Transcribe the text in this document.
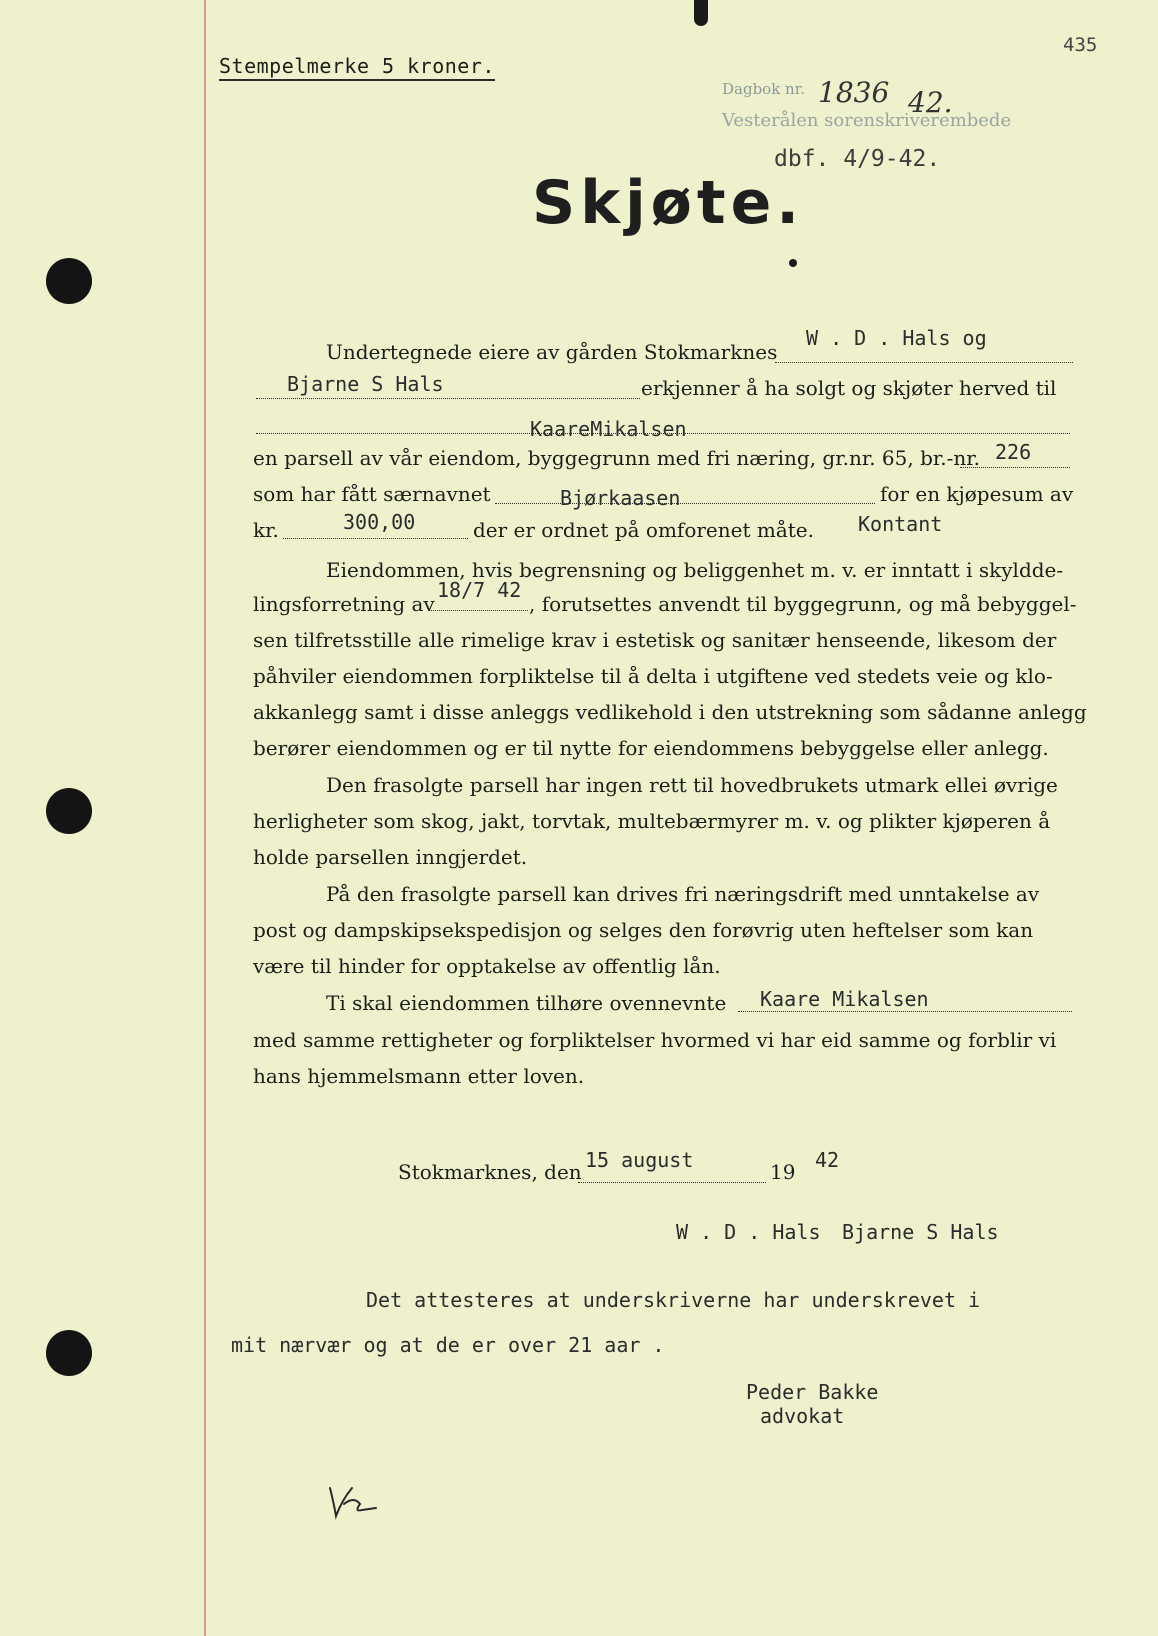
Stempelmerke 5 kroner.
435
Dagbok nr.
Vesterålen sorenskriverembede
1836 42.
dbf. 4/9-42.
Skjøte.
Undertegnede eiere av gården Stokmarknes
W . D . Hals og
Bjarne S Hals	erkjenner å ha solgt og skjøter herved til
KaareMikalsen
en parsell av vår eiendom, byggegrunn med fri næring, gr.nr. 65, br.-nr. 226
som har fått særnavnet	Bjørkaasen	for en kjøpesum av
kr.	300,00	der er ordnet på omforenet måte. Kontant
Eiendommen, hvis begrensning og beliggenhet m. v. er inntatt i skyldde-
lingsforretning av
18/7 42
, forutsettes anvendt til byggegrunn, og må bebyggel-
sen tilfretsstille alle rimelige krav i estetisk og sanitær henseende, likesom der
påhviler eiendommen forpliktelse til å delta i utgiftene ved stedets veie og klo-
akkanlegg samt i disse anleggs vedlikehold i den utstrekning som sådanne anlegg
berører eiendommen og er til nytte for eiendommens bebyggelse eller anlegg.
Den frasolgte parsell har ingen rett til hovedbrukets utmark ellei øvrige
herligheter som skog, jakt, torvtak, multebærmyrer m. v. og plikter kjøperen å
holde parsellen inngjerdet.
På den frasolgte parsell kan drives fri næringsdrift med unntakelse av
post og dampskipsekspedisjon og selges den forøvrig uten heftelser som kan
være til hinder for opptakelse av offentlig lån.
Ti skal eiendommen tilhøre ovennevnte Kaare Mikalsen
med samme rettigheter og forpliktelser hvormed vi har eid samme og forblir vi
hans hjemmelsmann etter loven.
Stokmarknes, den 15 august	19 42
W . D . Hals Bjarne S Hals
Det attesteres at underskriverne har underskrevet i
mit nærvær og at de er over 21 aar .
Peder Bakke
advokat
